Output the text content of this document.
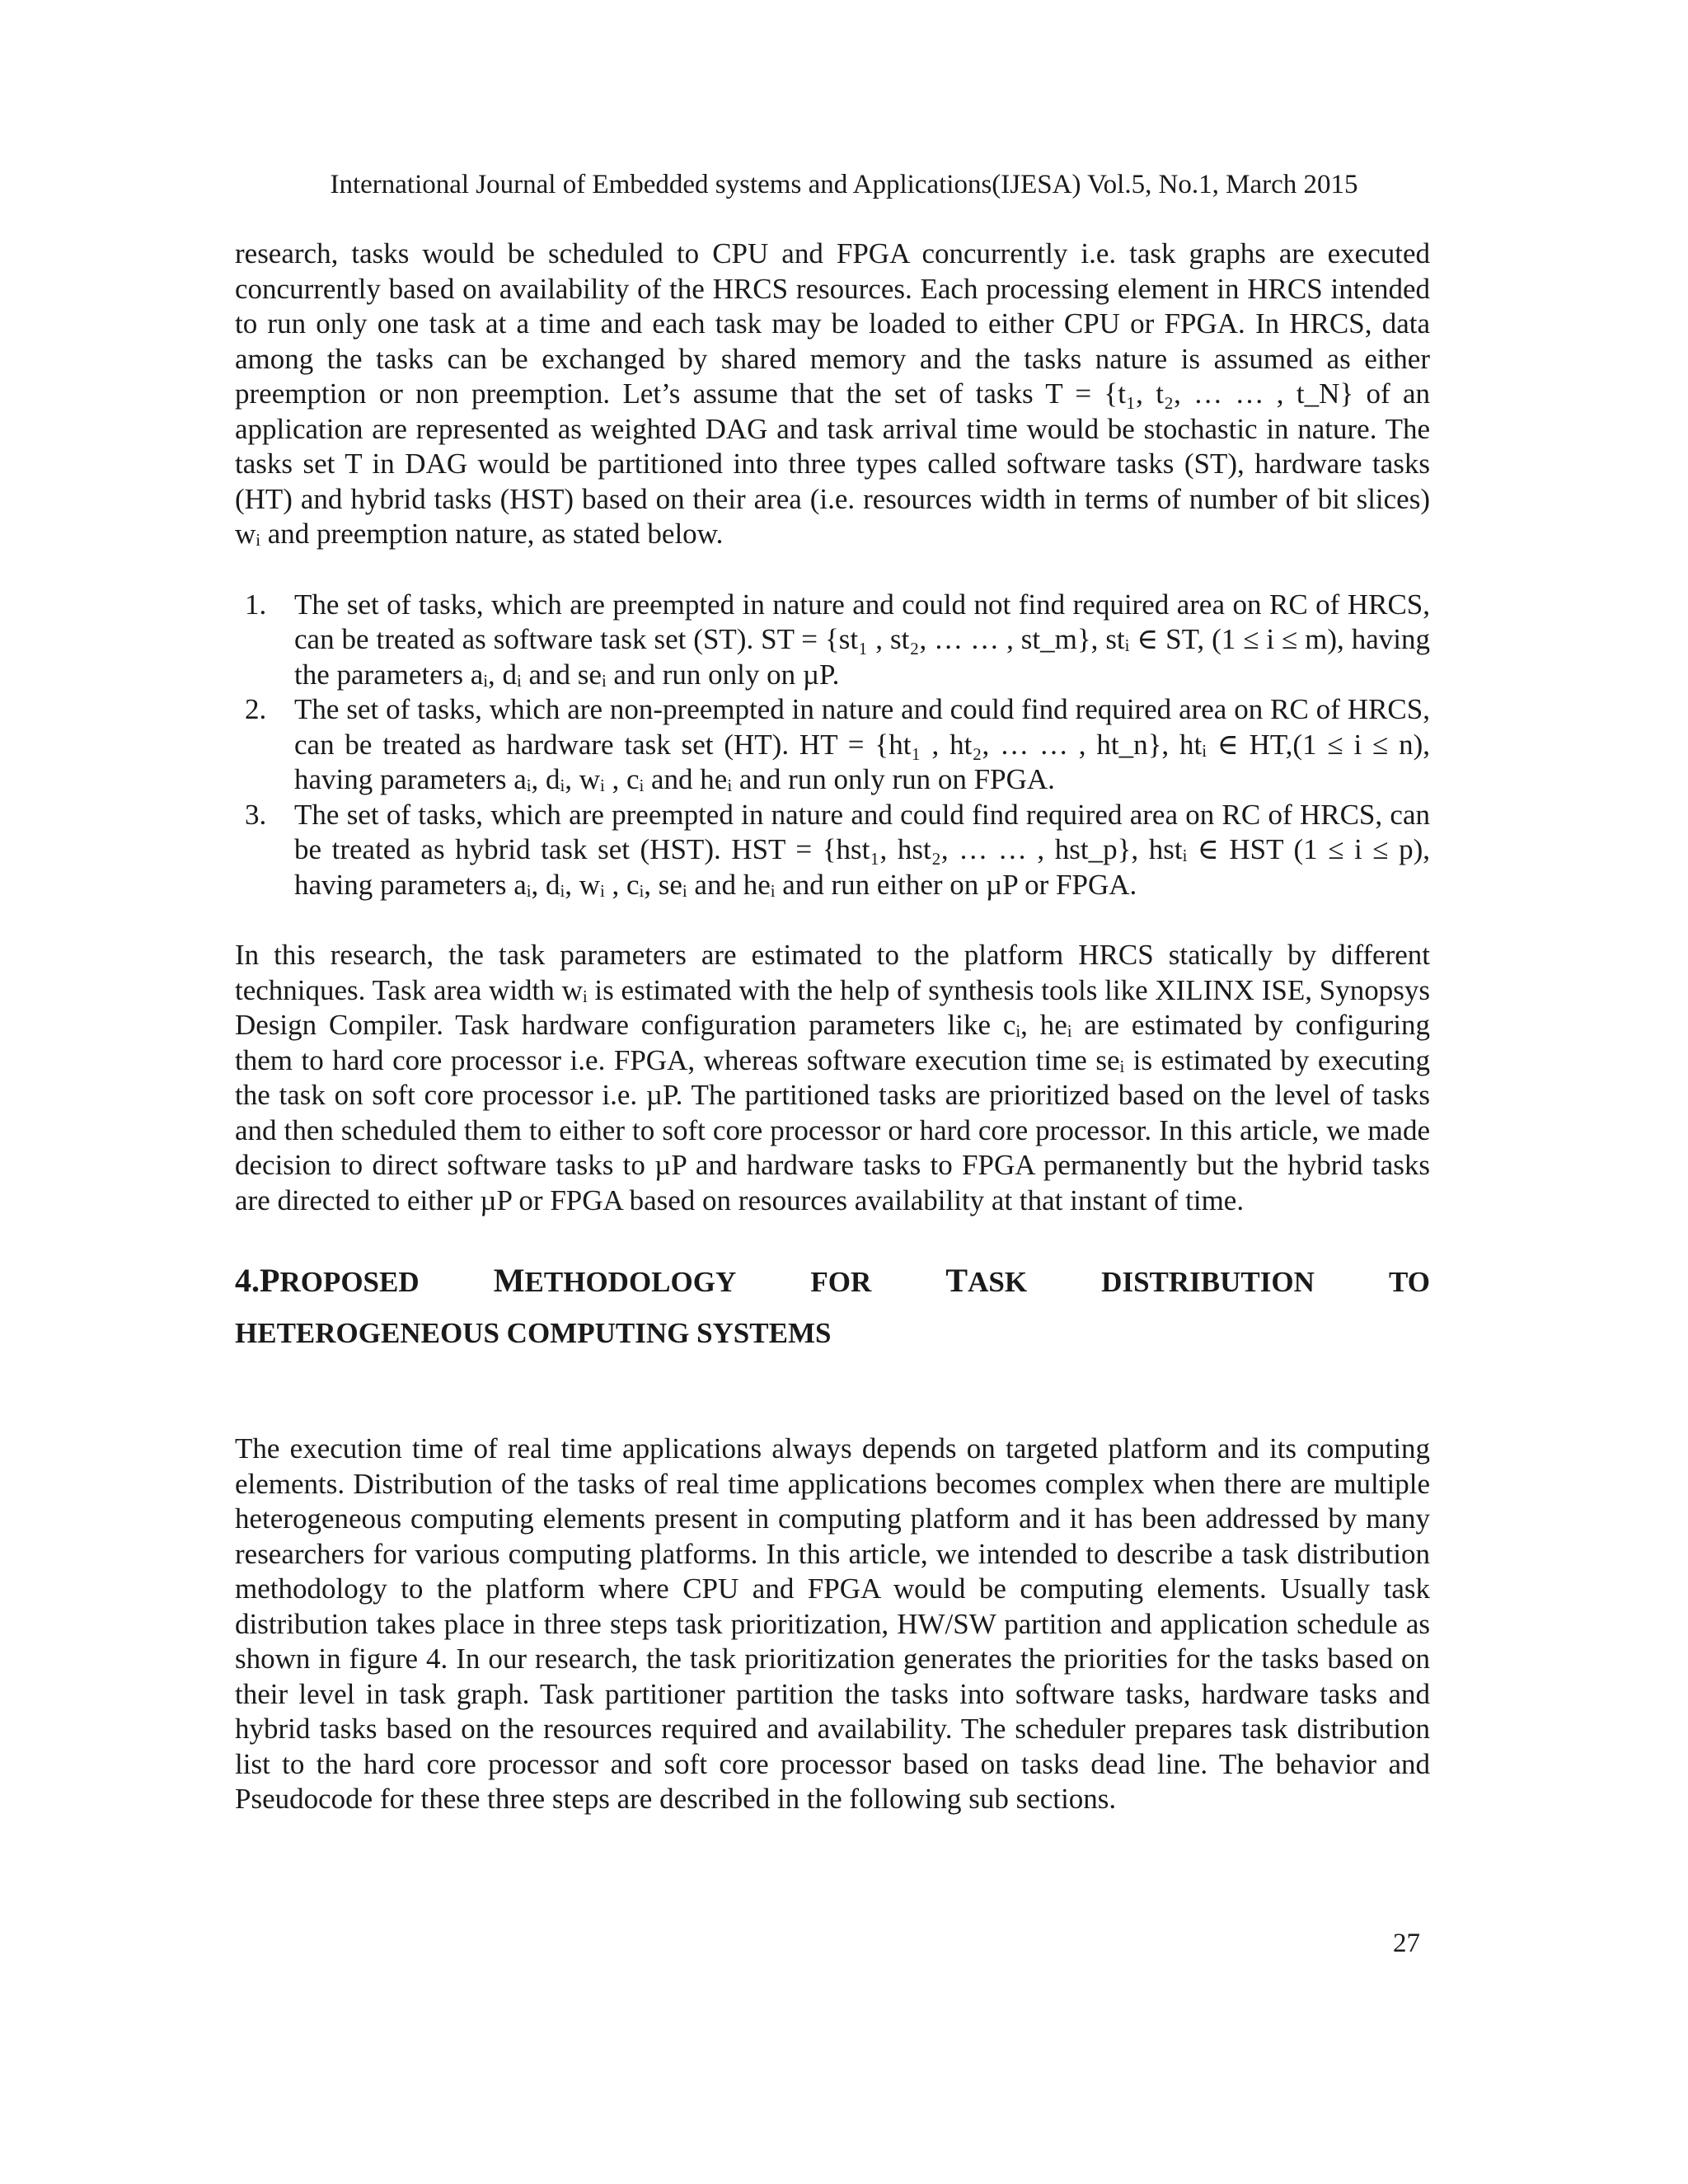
International Journal of Embedded systems and Applications(IJESA) Vol.5, No.1, March 2015

research, tasks would be scheduled to CPU and FPGA concurrently i.e. task graphs are executed concurrently based on availability of the HRCS resources. Each processing element in HRCS intended to run only one task at a time and each task may be loaded to either CPU or FPGA. In HRCS, data among the tasks can be exchanged by shared memory and the tasks nature is assumed as either preemption or non preemption. Let’s assume that the set of tasks T = {t₁, t₂, … … , t_N} of an application are represented as weighted DAG and task arrival time would be stochastic in nature. The tasks set T in DAG would be partitioned into three types called software tasks (ST), hardware tasks (HT) and hybrid tasks (HST) based on their area (i.e. resources width in terms of number of bit slices) wᵢ and preemption nature, as stated below.

1. The set of tasks, which are preempted in nature and could not find required area on RC of HRCS, can be treated as software task set (ST). ST = {st₁ , st₂, … … , st_m}, stᵢ ∈ ST, (1 ≤ i ≤ m), having the parameters aᵢ, dᵢ and seᵢ and run only on µP.
2. The set of tasks, which are non-preempted in nature and could find required area on RC of HRCS, can be treated as hardware task set (HT). HT = {ht₁ , ht₂, … … , ht_n}, htᵢ ∈ HT,(1 ≤ i ≤ n), having parameters aᵢ, dᵢ, wᵢ , cᵢ and heᵢ and run only run on FPGA.
3. The set of tasks, which are preempted in nature and could find required area on RC of HRCS, can be treated as hybrid task set (HST). HST = {hst₁, hst₂, … … , hst_p}, hstᵢ ∈ HST (1 ≤ i ≤ p), having parameters aᵢ, dᵢ, wᵢ , cᵢ, seᵢ and heᵢ and run either on µP or FPGA.

In this research, the task parameters are estimated to the platform HRCS statically by different techniques. Task area width wᵢ is estimated with the help of synthesis tools like XILINX ISE, Synopsys Design Compiler. Task hardware configuration parameters like cᵢ, heᵢ are estimated by configuring them to hard core processor i.e. FPGA, whereas software execution time seᵢ is estimated by executing the task on soft core processor i.e. µP. The partitioned tasks are prioritized based on the level of tasks and then scheduled them to either to soft core processor or hard core processor. In this article, we made decision to direct software tasks to µP and hardware tasks to FPGA permanently but the hybrid tasks are directed to either µP or FPGA based on resources availability at that instant of time.

4.PROPOSED METHODOLOGY	FOR TASK	DISTRIBUTION	TO
HETEROGENEOUS COMPUTING SYSTEMS

The execution time of real time applications always depends on targeted platform and its computing elements. Distribution of the tasks of real time applications becomes complex when there are multiple heterogeneous computing elements present in computing platform and it has been addressed by many researchers for various computing platforms. In this article, we intended to describe a task distribution methodology to the platform where CPU and FPGA would be computing elements. Usually task distribution takes place in three steps task prioritization, HW/SW partition and application schedule as shown in figure 4. In our research, the task prioritization generates the priorities for the tasks based on their level in task graph. Task partitioner partition the tasks into software tasks, hardware tasks and hybrid tasks based on the resources required and availability. The scheduler prepares task distribution list to the hard core processor and soft core processor based on tasks dead line. The behavior and Pseudocode for these three steps are described in the following sub sections.

27
